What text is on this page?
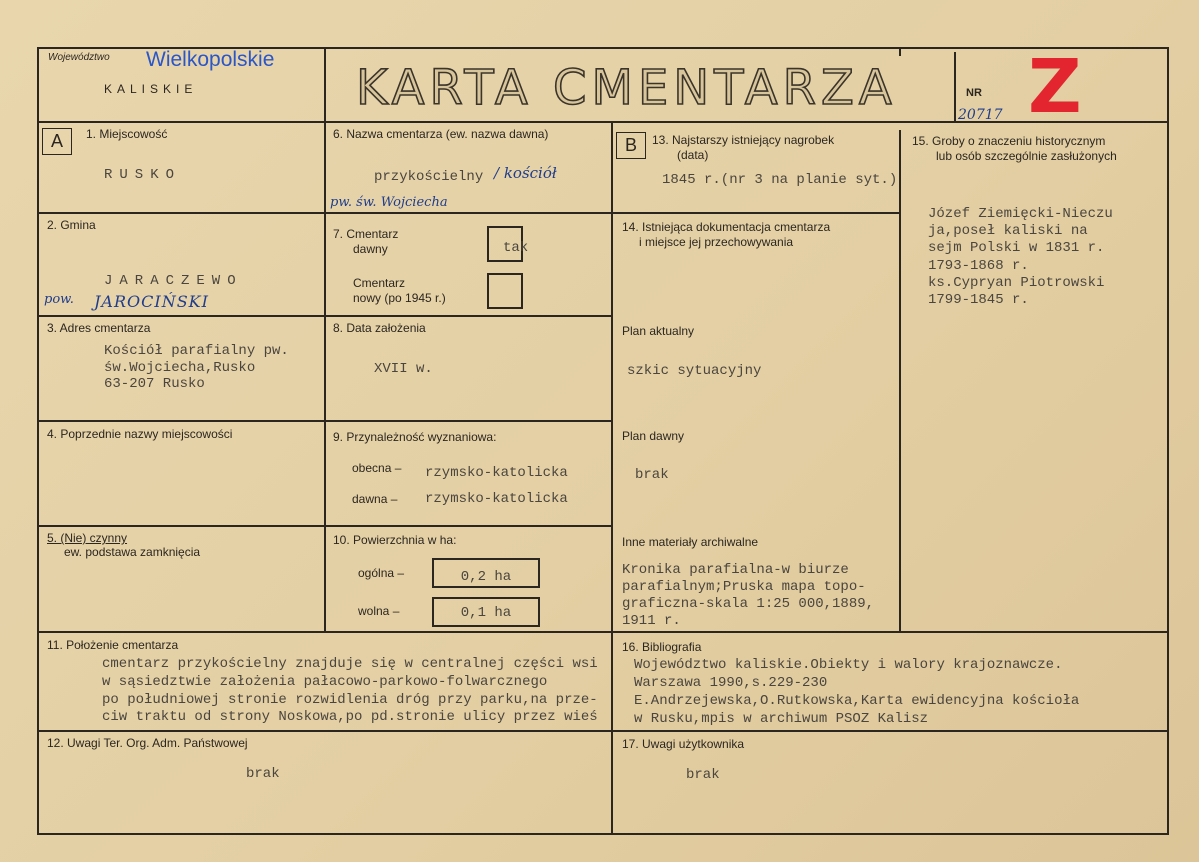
Województwo Wielkopolskie
KALISKIE	KARTA CMENTARZA	NR Z
20717
A	B
1. Miejscowość
RUSKO
2. Gmina
JARACZEWO
pow. JAROCIŃSKI
3. Adres cmentarza
Kościół parafialny pw.
św.Wojciecha,Rusko
63-207 Rusko
4. Poprzednie nazwy miejscowości
5. (Nie) czynny
ew. podstawa zamknięcia
6. Nazwa cmentarza (ew. nazwa dawna)
przykościelny / kościół
pw. św. Wojciecha
7. Cmentarz
dawny	tak
Cmentarz
nowy (po 1945 r.)
8. Data założenia
XVII w.
9. Przynależność wyznaniowa:
obecna – rzymsko-katolicka
dawna – rzymsko-katolicka
10. Powierzchnia w ha:
ogólna –	0,2 ha
wolna –	0,1 ha
13. Najstarszy istniejący nagrobek
(data)
1845 r.(nr 3 na planie syt.)
14. Istniejąca dokumentacja cmentarza
i miejsce jej przechowywania
Plan aktualny
szkic sytuacyjny
Plan dawny
brak
Inne materiały archiwalne
Kronika parafialna-w biurze
parafialnym;Pruska mapa topo-
graficzna-skala 1:25 000,1889,
1911 r.
15. Groby o znaczeniu historycznym
lub osób szczególnie zasłużonych
Józef Ziemięcki-Nieczu
ja,poseł kaliski na
sejm Polski w 1831 r.
1793-1868 r.
ks.Cypryan Piotrowski
1799-1845 r.
11. Położenie cmentarza
cmentarz przykościelny znajduje się w centralnej części wsi
w sąsiedztwie założenia pałacowo-parkowo-folwarcznego
po południowej stronie rozwidlenia dróg przy parku,na prze-
ciw traktu od strony Noskowa,po pd.stronie ulicy przez wieś
12. Uwagi Ter. Org. Adm. Państwowej
brak
16. Bibliografia
Województwo kaliskie.Obiekty i walory krajoznawcze.
Warszawa 1990,s.229-230
E.Andrzejewska,O.Rutkowska,Karta ewidencyjna kościoła
w Rusku,mpis w archiwum PSOZ Kalisz
17. Uwagi użytkownika
brak
